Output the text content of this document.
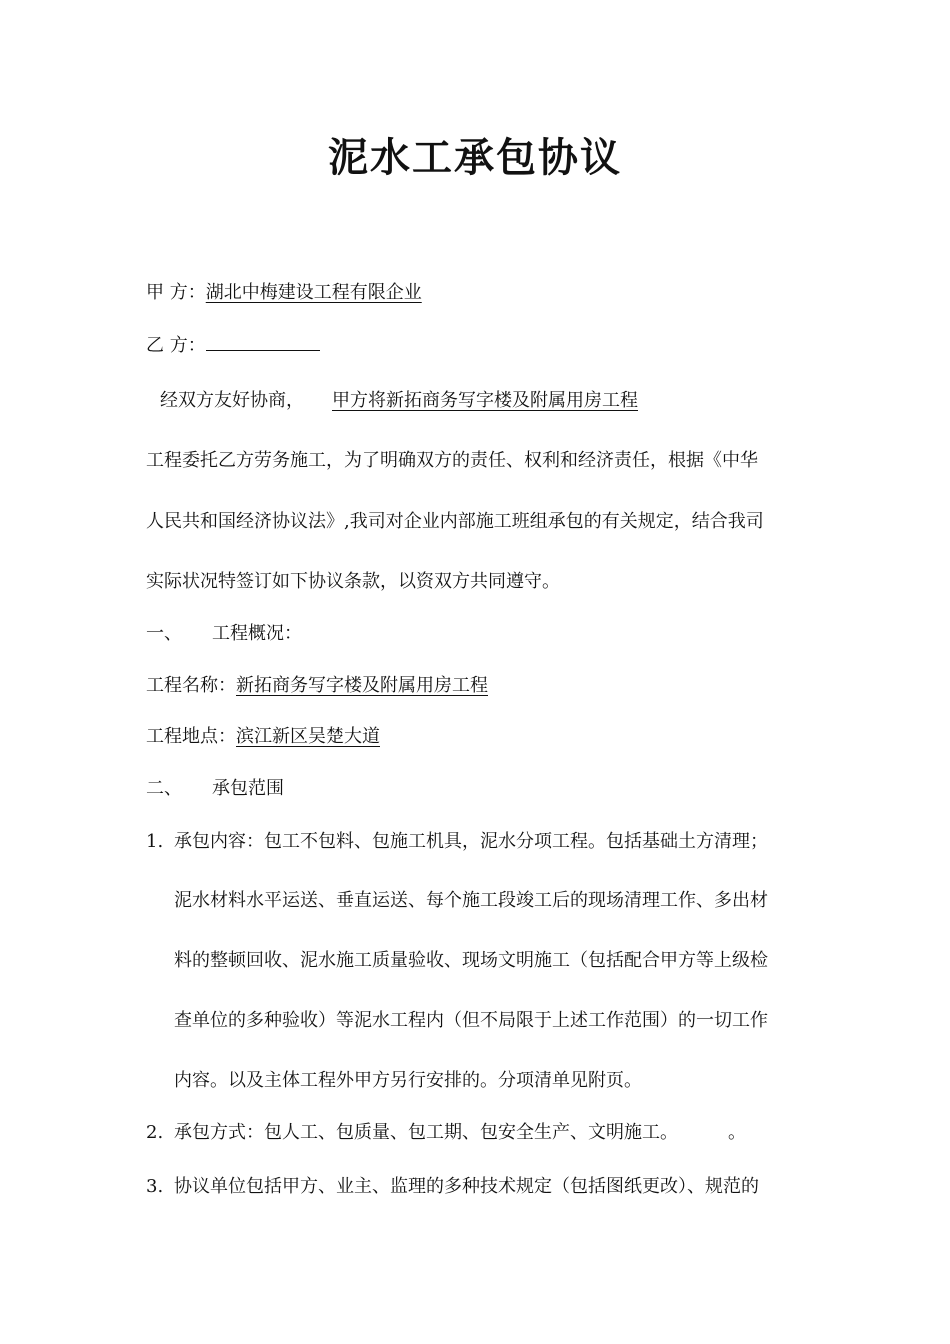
泥水工承包协议
甲 方：湖北中梅建设工程有限企业
乙 方：
经双方友好协商， 甲方将新拓商务写字楼及附属用房工程
工程委托乙方劳务施工，为了明确双方的责任、权利和经济责任，根据《中华
人民共和国经济协议法》,我司对企业内部施工班组承包的有关规定，结合我司
实际状况特签订如下协议条款，以资双方共同遵守。
一、 工程概况：
工程名称：新拓商务写字楼及附属用房工程
工程地点：滨江新区吴楚大道
二、 承包范围
1. 承包内容：包工不包料、包施工机具，泥水分项工程。包括基础土方清理；
泥水材料水平运送、垂直运送、每个施工段竣工后的现场清理工作、多出材
料的整顿回收、泥水施工质量验收、现场文明施工（包括配合甲方等上级检
查单位的多种验收）等泥水工程内（但不局限于上述工作范围）的一切工作
内容。以及主体工程外甲方另行安排的。分项清单见附页。
2. 承包方式：包人工、包质量、包工期、包安全生产、文明施工。	。
3. 协议单位包括甲方、业主、监理的多种技术规定（包括图纸更改）、规范的
